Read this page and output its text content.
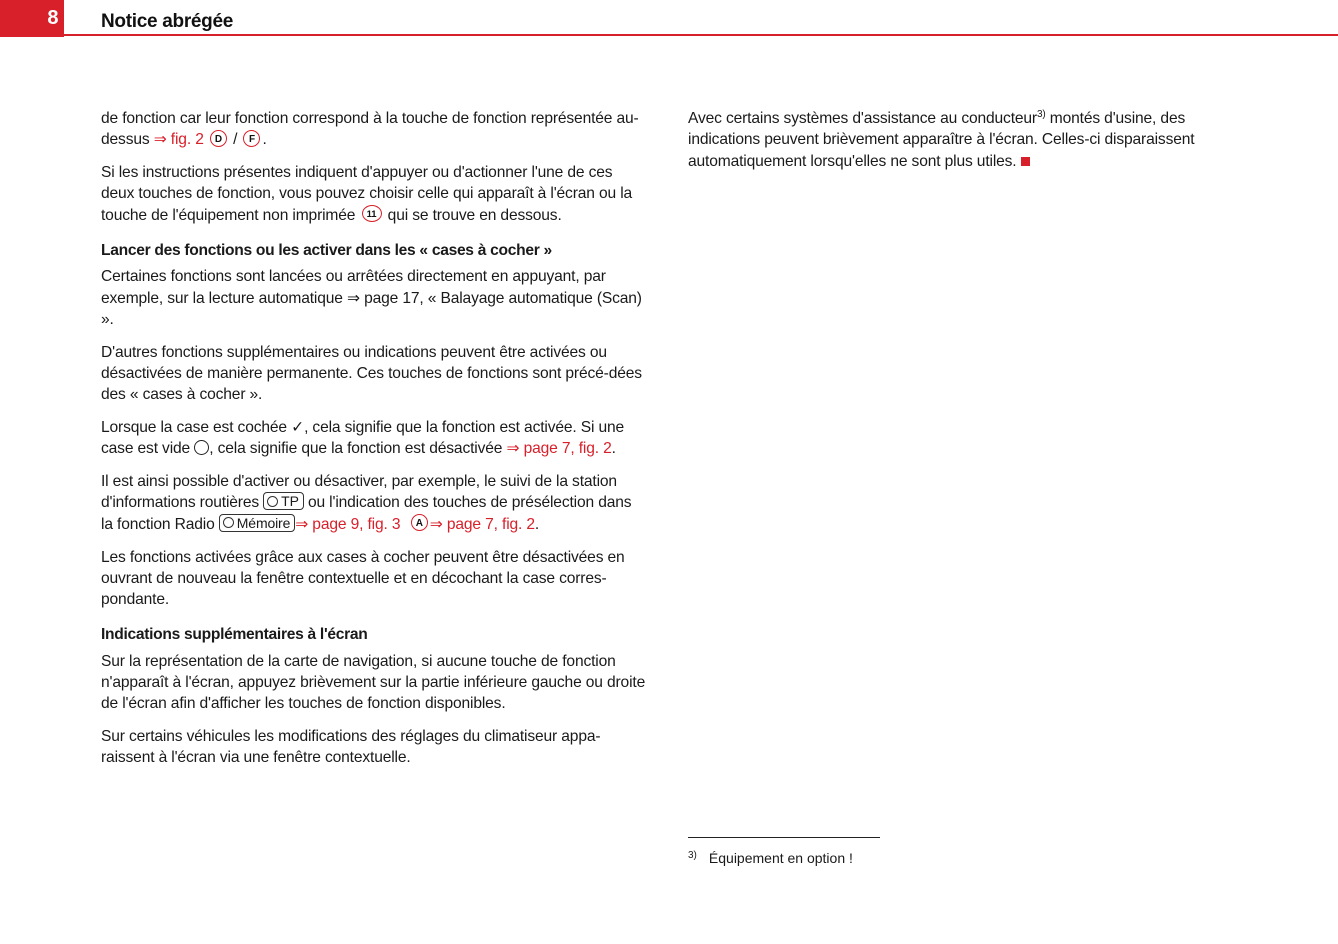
8 Notice abrégée

de fonction car leur fonction correspond à la touche de fonction représentée au-dessus ⇒ fig. 2 D / F .

Si les instructions présentes indiquent d'appuyer ou d'actionner l'une de ces deux touches de fonction, vous pouvez choisir celle qui apparaît à l'écran ou la touche de l'équipement non imprimée 11 qui se trouve en dessous.

Lancer des fonctions ou les activer dans les « cases à cocher »

Certaines fonctions sont lancées ou arrêtées directement en appuyant, par exemple, sur la lecture automatique ⇒ page 17, « Balayage automatique (Scan) ».

D'autres fonctions supplémentaires ou indications peuvent être activées ou désactivées de manière permanente. Ces touches de fonctions sont précé-dées des « cases à cocher ».

Lorsque la case est cochée ✓, cela signifie que la fonction est activée. Si une case est vide , cela signifie que la fonction est désactivée ⇒ page 7, fig. 2.

Il est ainsi possible d'activer ou désactiver, par exemple, le suivi de la station d'informations routières TP ou l'indication des touches de présélection dans la fonction Radio Mémoire ⇒ page 9, fig. 3 A ⇒ page 7, fig. 2.

Les fonctions activées grâce aux cases à cocher peuvent être désactivées en ouvrant de nouveau la fenêtre contextuelle et en décochant la case corres-pondante.

Indications supplémentaires à l'écran

Sur la représentation de la carte de navigation, si aucune touche de fonction n'apparaît à l'écran, appuyez brièvement sur la partie inférieure gauche ou droite de l'écran afin d'afficher les touches de fonction disponibles.

Sur certains véhicules les modifications des réglages du climatiseur appa-raissent à l'écran via une fenêtre contextuelle.

Avec certains systèmes d'assistance au conducteur$^{3)}$ montés d'usine, des indications peuvent brièvement apparaître à l'écran. Celles-ci disparaissent automatiquement lorsqu'elles ne sont plus utiles.

$^{3)}$ Équipement en option !
